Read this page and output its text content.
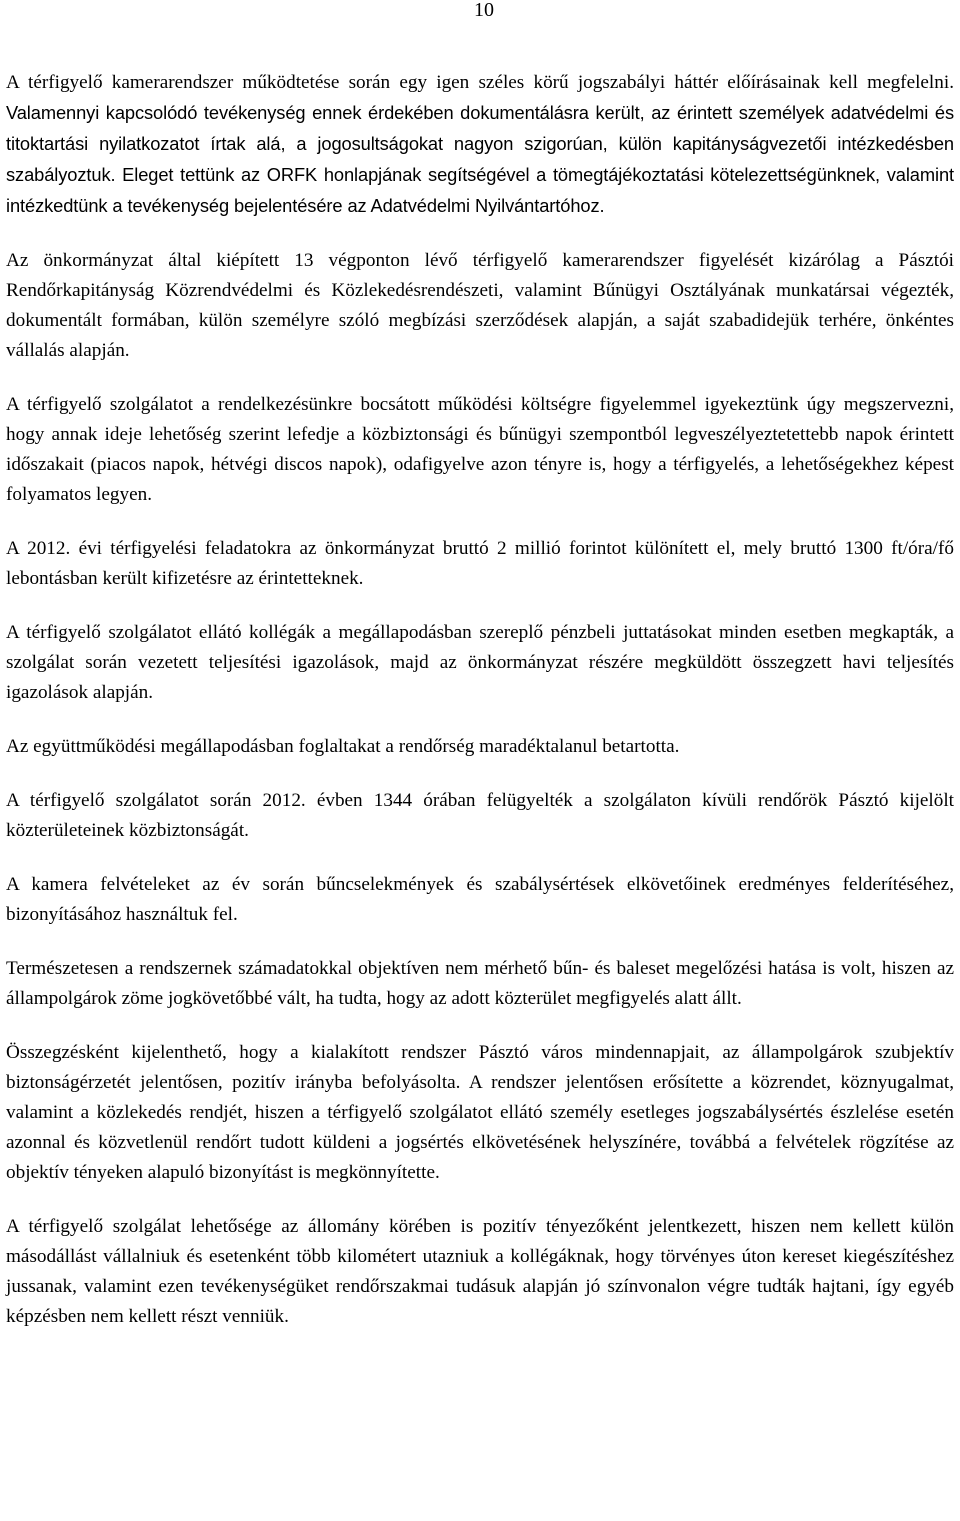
10

A térfigyelő kamerarendszer működtetése során egy igen széles körű jogszabályi háttér előírásainak kell megfelelni. Valamennyi kapcsolódó tevékenység ennek érdekében dokumentálásra került, az érintett személyek adatvédelmi és titoktartási nyilatkozatot írtak alá, a jogosultságokat nagyon szigorúan, külön kapitányságvezetői intézkedésben szabályoztuk. Eleget tettünk az ORFK honlapjának segítségével a tömegtájékoztatási kötelezettségünknek, valamint intézkedtünk a tevékenység bejelentésére az Adatvédelmi Nyilvántartóhoz.

Az önkormányzat által kiépített 13 végponton lévő térfigyelő kamerarendszer figyelését kizárólag a Pásztói Rendőrkapitányság Közrendvédelmi és Közlekedésrendészeti, valamint Bűnügyi Osztályának munkatársai végezték, dokumentált formában, külön személyre szóló megbízási szerződések alapján, a saját szabadidejük terhére, önkéntes vállalás alapján.

A térfigyelő szolgálatot a rendelkezésünkre bocsátott működési költségre figyelemmel igyekeztünk úgy megszervezni, hogy annak ideje lehetőség szerint lefedje a közbiztonsági és bűnügyi szempontból legveszélyeztetettebb napok érintett időszakait (piacos napok, hétvégi discos napok), odafigyelve azon tényre is, hogy a térfigyelés, a lehetőségekhez képest folyamatos legyen.

A 2012. évi térfigyelési feladatokra az önkormányzat bruttó 2 millió forintot különített el, mely bruttó 1300 ft/óra/fő lebontásban került kifizetésre az érintetteknek.

A térfigyelő szolgálatot ellátó kollégák a megállapodásban szereplő pénzbeli juttatásokat minden esetben megkapták, a szolgálat során vezetett teljesítési igazolások, majd az önkormányzat részére megküldött összegzett havi teljesítés igazolások alapján.

Az együttműködési megállapodásban foglaltakat a rendőrség maradéktalanul betartotta.

A térfigyelő szolgálatot során 2012. évben 1344 órában felügyelték a szolgálaton kívüli rendőrök Pásztó kijelölt közterületeinek közbiztonságát.

A kamera felvételeket az év során bűncselekmények és szabálysértések elkövetőinek eredményes felderítéséhez, bizonyításához használtuk fel.

Természetesen a rendszernek számadatokkal objektíven nem mérhető bűn- és baleset megelőzési hatása is volt, hiszen az állampolgárok zöme jogkövetőbbé vált, ha tudta, hogy az adott közterület megfigyelés alatt állt.

Összegzésként kijelenthető, hogy a kialakított rendszer Pásztó város mindennapjait, az állampolgárok szubjektív biztonságérzetét jelentősen, pozitív irányba befolyásolta. A rendszer jelentősen erősítette a közrendet, köznyugalmat, valamint a közlekedés rendjét, hiszen a térfigyelő szolgálatot ellátó személy esetleges jogszabálysértés észlelése esetén azonnal és közvetlenül rendőrt tudott küldeni a jogsértés elkövetésének helyszínére, továbbá a felvételek rögzítése az objektív tényeken alapuló bizonyítást is megkönnyítette.

A térfigyelő szolgálat lehetősége az állomány körében is pozitív tényezőként jelentkezett, hiszen nem kellett külön másodállást vállalniuk és esetenként több kilométert utazniuk a kollégáknak, hogy törvényes úton kereset kiegészítéshez jussanak, valamint ezen tevékenységüket rendőrszakmai tudásuk alapján jó színvonalon végre tudták hajtani, így egyéb képzésben nem kellett részt venniük.
